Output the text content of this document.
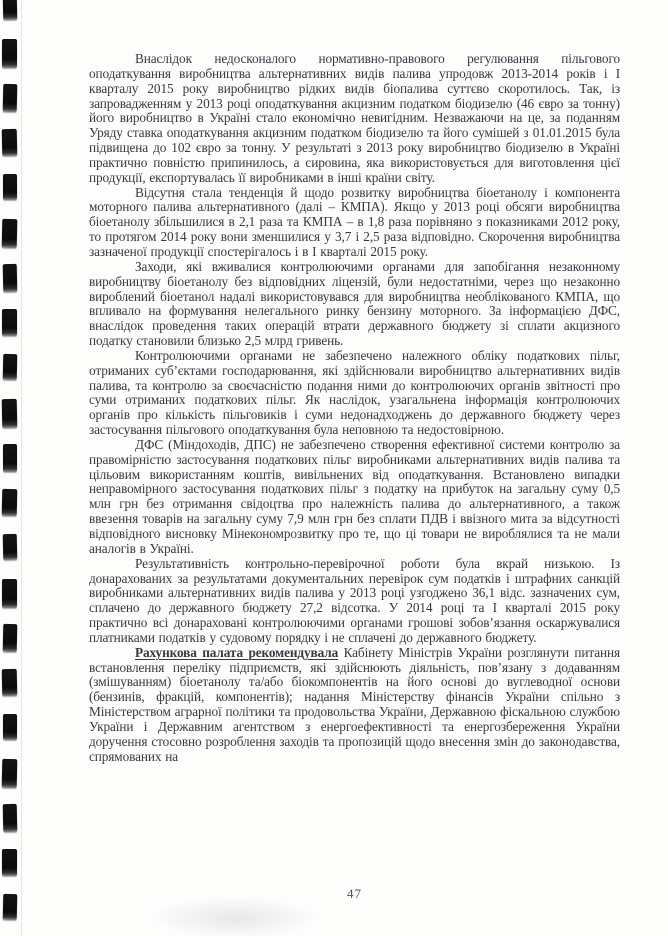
Внаслідок недосконалого нормативно-правового регулювання пільгового оподаткування виробництва альтернативних видів палива упродовж 2013-2014 років і І кварталу 2015 року виробництво рідких видів біопалива суттєво скоротилось. Так, із запровадженням у 2013 році оподаткування акцизним податком біодизелю (46 євро за тонну) його виробництво в Україні стало економічно невигідним. Незважаючи на це, за поданням Уряду ставка оподаткування акцизним податком біодизелю та його сумішей з 01.01.2015 була підвищена до 102 євро за тонну. У результаті з 2013 року виробництво біодизелю в Україні практично повністю припинилось, а сировина, яка використовується для виготовлення цієї продукції, експортувалась її виробниками в інші країни світу.

Відсутня стала тенденція й щодо розвитку виробництва біоетанолу і компонента моторного палива альтернативного (далі – КМПА). Якщо у 2013 році обсяги виробництва біоетанолу збільшилися в 2,1 раза та КМПА – в 1,8 раза порівняно з показниками 2012 року, то протягом 2014 року вони зменшилися у 3,7 і 2,5 раза відповідно. Скорочення виробництва зазначеної продукції спостерігалось і в І кварталі 2015 року.

Заходи, які вживалися контролюючими органами для запобігання незаконному виробництву біоетанолу без відповідних ліцензій, були недостатніми, через що незаконно вироблений біоетанол надалі використовувався для виробництва необлікованого КМПА, що впливало на формування нелегального ринку бензину моторного. За інформацією ДФС, внаслідок проведення таких операцій втрати державного бюджету зі сплати акцизного податку становили близько 2,5 млрд гривень.

Контролюючими органами не забезпечено належного обліку податкових пільг, отриманих суб’єктами господарювання, які здійснювали виробництво альтернативних видів палива, та контролю за своєчасністю подання ними до контролюючих органів звітності про суми отриманих податкових пільг. Як наслідок, узагальнена інформація контролюючих органів про кількість пільговиків і суми недонадходжень до державного бюджету через застосування пільгового оподаткування була неповною та недостовірною.

ДФС (Міндоходів, ДПС) не забезпечено створення ефективної системи контролю за правомірністю застосування податкових пільг виробниками альтернативних видів палива та цільовим використанням коштів, вивільнених від оподаткування. Встановлено випадки неправомірного застосування податкових пільг з податку на прибуток на загальну суму 0,5 млн грн без отримання свідоцтва про належність палива до альтернативного, а також ввезення товарів на загальну суму 7,9 млн грн без сплати ПДВ і ввізного мита за відсутності відповідного висновку Мінекономрозвитку про те, що ці товари не вироблялися та не мали аналогів в Україні.

Результативність контрольно-перевірочної роботи була вкрай низькою. Із донарахованих за результатами документальних перевірок сум податків і штрафних санкцій виробниками альтернативних видів палива у 2013 році узгоджено 36,1 відс. зазначених сум, сплачено до державного бюджету 27,2 відсотка. У 2014 році та І кварталі 2015 року практично всі донараховані контролюючими органами грошові зобов’язання оскаржувалися платниками податків у судовому порядку і не сплачені до державного бюджету.

Рахункова палата рекомендувала Кабінету Міністрів України розглянути питання встановлення переліку підприємств, які здійснюють діяльність, пов’язану з додаванням (змішуванням) біоетанолу та/або біокомпонентів на його основі до вуглеводної основи (бензинів, фракцій, компонентів); надання Міністерству фінансів України спільно з Міністерством аграрної політики та продовольства України, Державною фіскальною службою України і Державним агентством з енергоефективності та енергозбереження України доручення стосовно розроблення заходів та пропозицій щодо внесення змін до законодавства, спрямованих на

47
